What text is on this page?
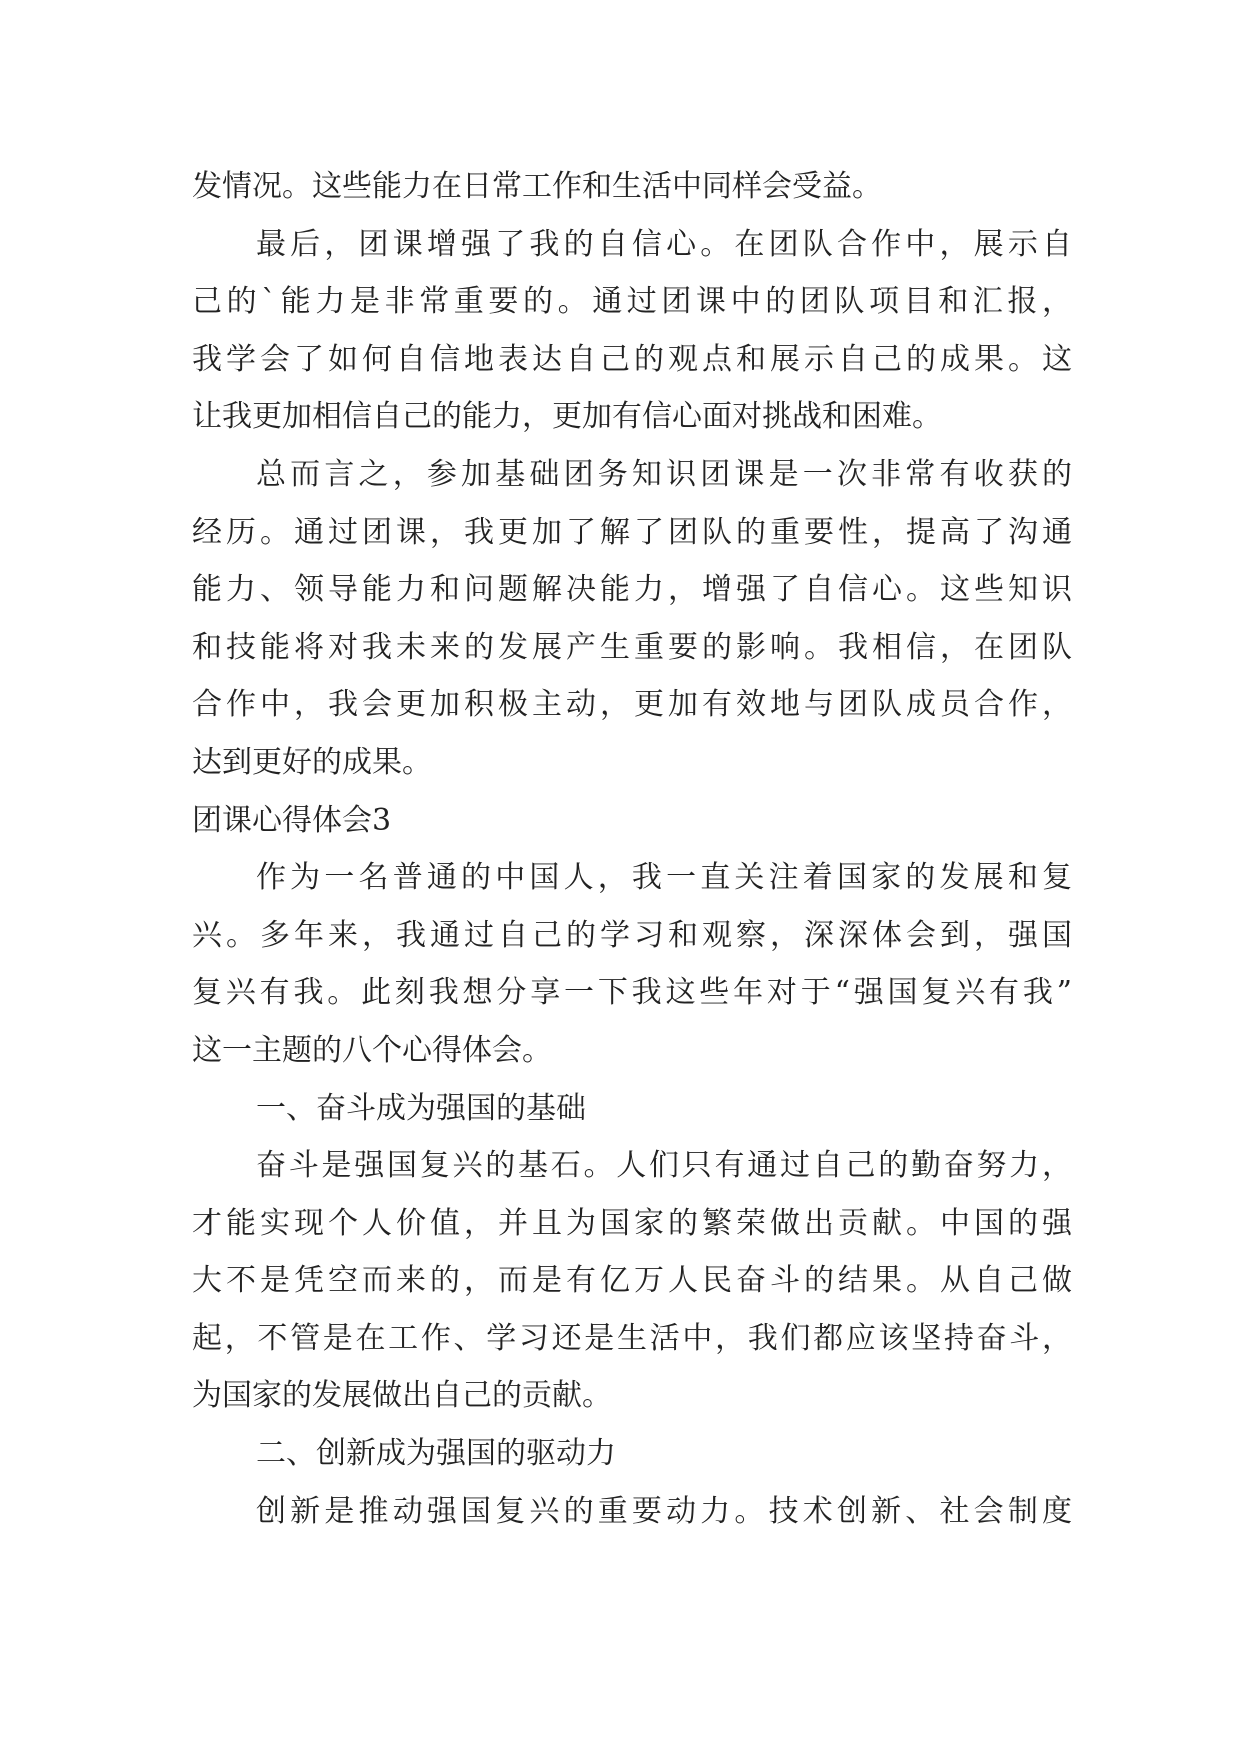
发情况。这些能力在日常工作和生活中同样会受益。
最后，团课增强了我的自信心。在团队合作中，展示自
己的`能力是非常重要的。通过团课中的团队项目和汇报，
我学会了如何自信地表达自己的观点和展示自己的成果。这
让我更加相信自己的能力，更加有信心面对挑战和困难。
总而言之，参加基础团务知识团课是一次非常有收获的
经历。通过团课，我更加了解了团队的重要性，提高了沟通
能力、领导能力和问题解决能力，增强了自信心。这些知识
和技能将对我未来的发展产生重要的影响。我相信，在团队
合作中，我会更加积极主动，更加有效地与团队成员合作，
达到更好的成果。
团课心得体会3
作为一名普通的中国人，我一直关注着国家的发展和复
兴。多年来，我通过自己的学习和观察，深深体会到，强国
复兴有我。此刻我想分享一下我这些年对于“强国复兴有我”
这一主题的八个心得体会。
一、奋斗成为强国的基础
奋斗是强国复兴的基石。人们只有通过自己的勤奋努力，
才能实现个人价值，并且为国家的繁荣做出贡献。中国的强
大不是凭空而来的，而是有亿万人民奋斗的结果。从自己做
起，不管是在工作、学习还是生活中，我们都应该坚持奋斗，
为国家的发展做出自己的贡献。
二、创新成为强国的驱动力
创新是推动强国复兴的重要动力。技术创新、社会制度
